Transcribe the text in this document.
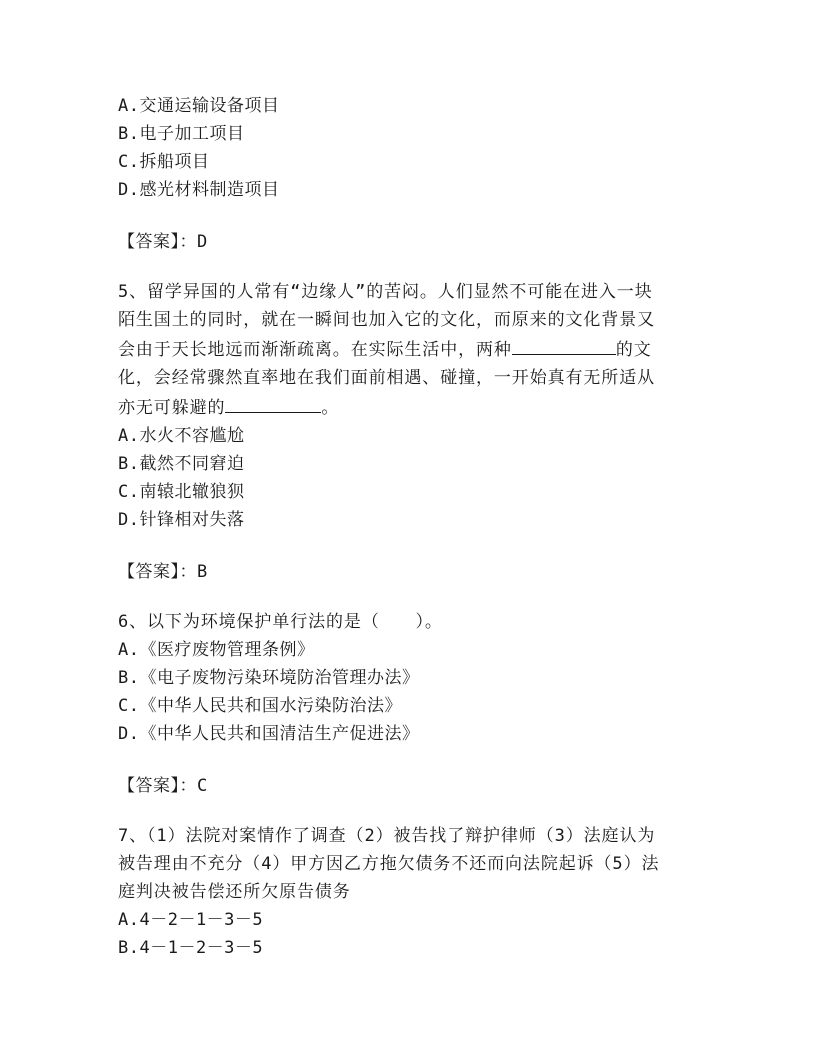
A.交通运输设备项目
B.电子加工项目
C.拆船项目
D.感光材料制造项目
【答案】：D
5、留学异国的人常有“边缘人”的苦闷。人们显然不可能在进入一块
陌生国土的同时，就在一瞬间也加入它的文化，而原来的文化背景又
会由于天长地远而渐渐疏离。在实际生活中，两种	的文
化，会经常骤然直率地在我们面前相遇、碰撞，一开始真有无所适从
亦无可躲避的	。
A.水火不容尴尬
B.截然不同窘迫
C.南辕北辙狼狈
D.针锋相对失落
【答案】：B
6、以下为环境保护单行法的是（　　）。
A.《医疗废物管理条例》
B.《电子废物污染环境防治管理办法》
C.《中华人民共和国水污染防治法》
D.《中华人民共和国清洁生产促进法》
【答案】：C
7、（1）法院对案情作了调查（2）被告找了辩护律师（3）法庭认为
被告理由不充分（4）甲方因乙方拖欠债务不还而向法院起诉（5）法
庭判决被告偿还所欠原告债务
A.4－2－1－3－5
B.4－1－2－3－5
